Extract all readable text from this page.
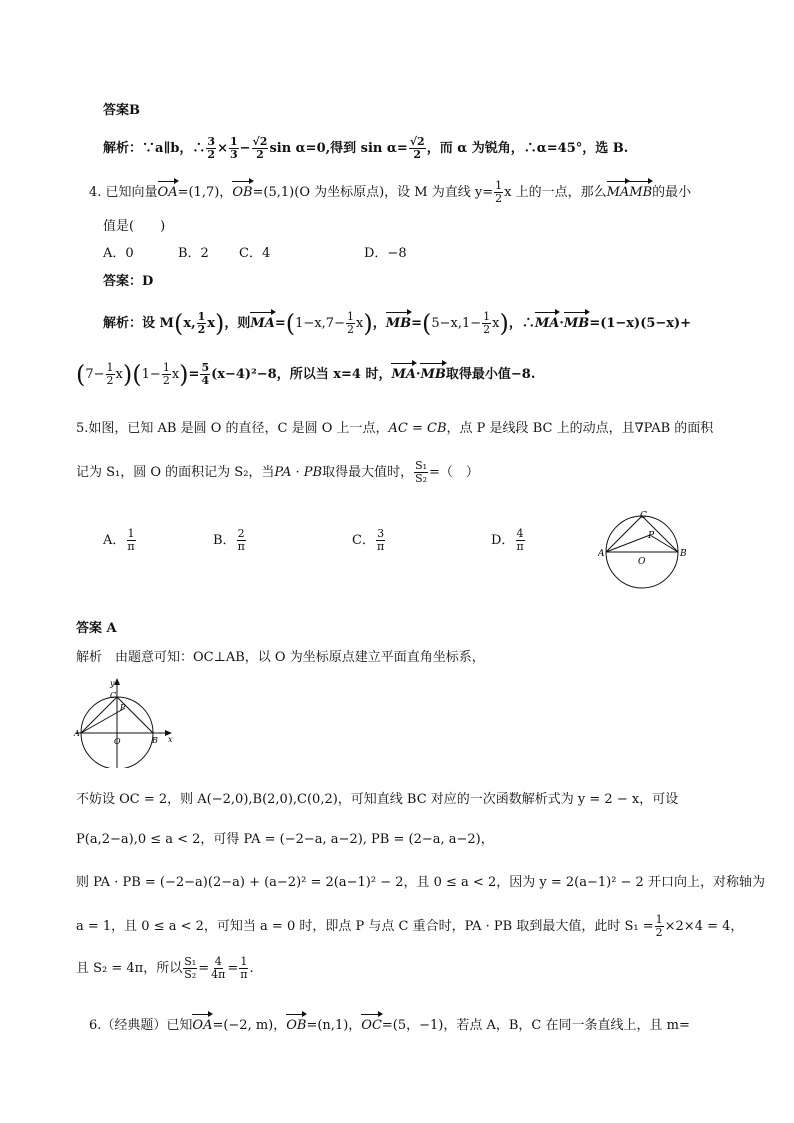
答案B
解析：∵a∥b，∴ $\frac{3}{2} \times \frac{1}{3} - \frac{√2}{2}$ sin α=0,得到 $\sin \alpha= \frac{√2}{2}$ ，而 α 为锐角，∴α=45°，选 B.
4. 已知向量OA=(1,7)，OB=(5,1)(O 为坐标原点)，设 M 为直线 $y= \frac{1}{2}$ x 上的一点，那么MAMB的最小
值是(　　)
A．0	B．2 C．4	D．−8
答案：D
解析：设 M(x, $\frac{1}{2} x$)，则$MA=(1-x,7- \frac{1}{2} x)$，$MB=(5-x,1- \frac{1}{2} x)$，∴MA·MB=(1−x)(5−x)+
$(7- \frac{1}{2} x)(1- \frac{1}{2} x)= \frac{5}{4} (x-4)^2-8$，所以当 x=4 时，MA·MB取得最小值−8.
5.如图，已知 AB 是圆 O 的直径，C 是圆 O 上一点，AC = CB，点 P 是线段 BC 上的动点，且∇PAB 的面积
记为 S₁，圆 O 的面积记为 S₂，当PA · PB取得最大值时， $\frac{\text{S₁}}{\text{S₂}}$ =（　）
A． $\frac{1}{\pi}$	B． $\frac{2}{\pi}$	C． $\frac{3}{\pi}$	D． $\frac{4}{\pi}$
C
P
A
O
B
答案 A
解析　由题意可知：OC⊥AB，以 O 为坐标原点建立平面直角坐标系，
y
C
P
A
O	B x
不妨设 OC = 2，则 A(−2,0),B(2,0),C(0,2)，可知直线 BC 对应的一次函数解析式为 y = 2 − x，可设
P(a,2−a),0 ≤ a < 2，可得 PA = (−2−a, a−2), PB = (2−a, a−2)，
则 PA · PB = (−2−a)(2−a) + (a−2)² = 2(a−1)² − 2，且 0 ≤ a < 2，因为 y = 2(a−1)² − 2 开口向上，对称轴为
a = 1，且 0 ≤ a < 2，可知当 a = 0 时，即点 P 与点 C 重合时，PA · PB 取到最大值，此时 $S_1 = \frac{1}{2} \times 2\times 4 = 4$，
且 S₂ = 4π，所以 $\frac{\text{S₁}}{\text{S₂}} = \frac{4}{4\pi} = \frac{1}{\pi}$ .
6.（经典题）已知OA=(−2, m)，OB=(n,1)，OC=(5，−1)，若点 A，B，C 在同一条直线上，且 m=
